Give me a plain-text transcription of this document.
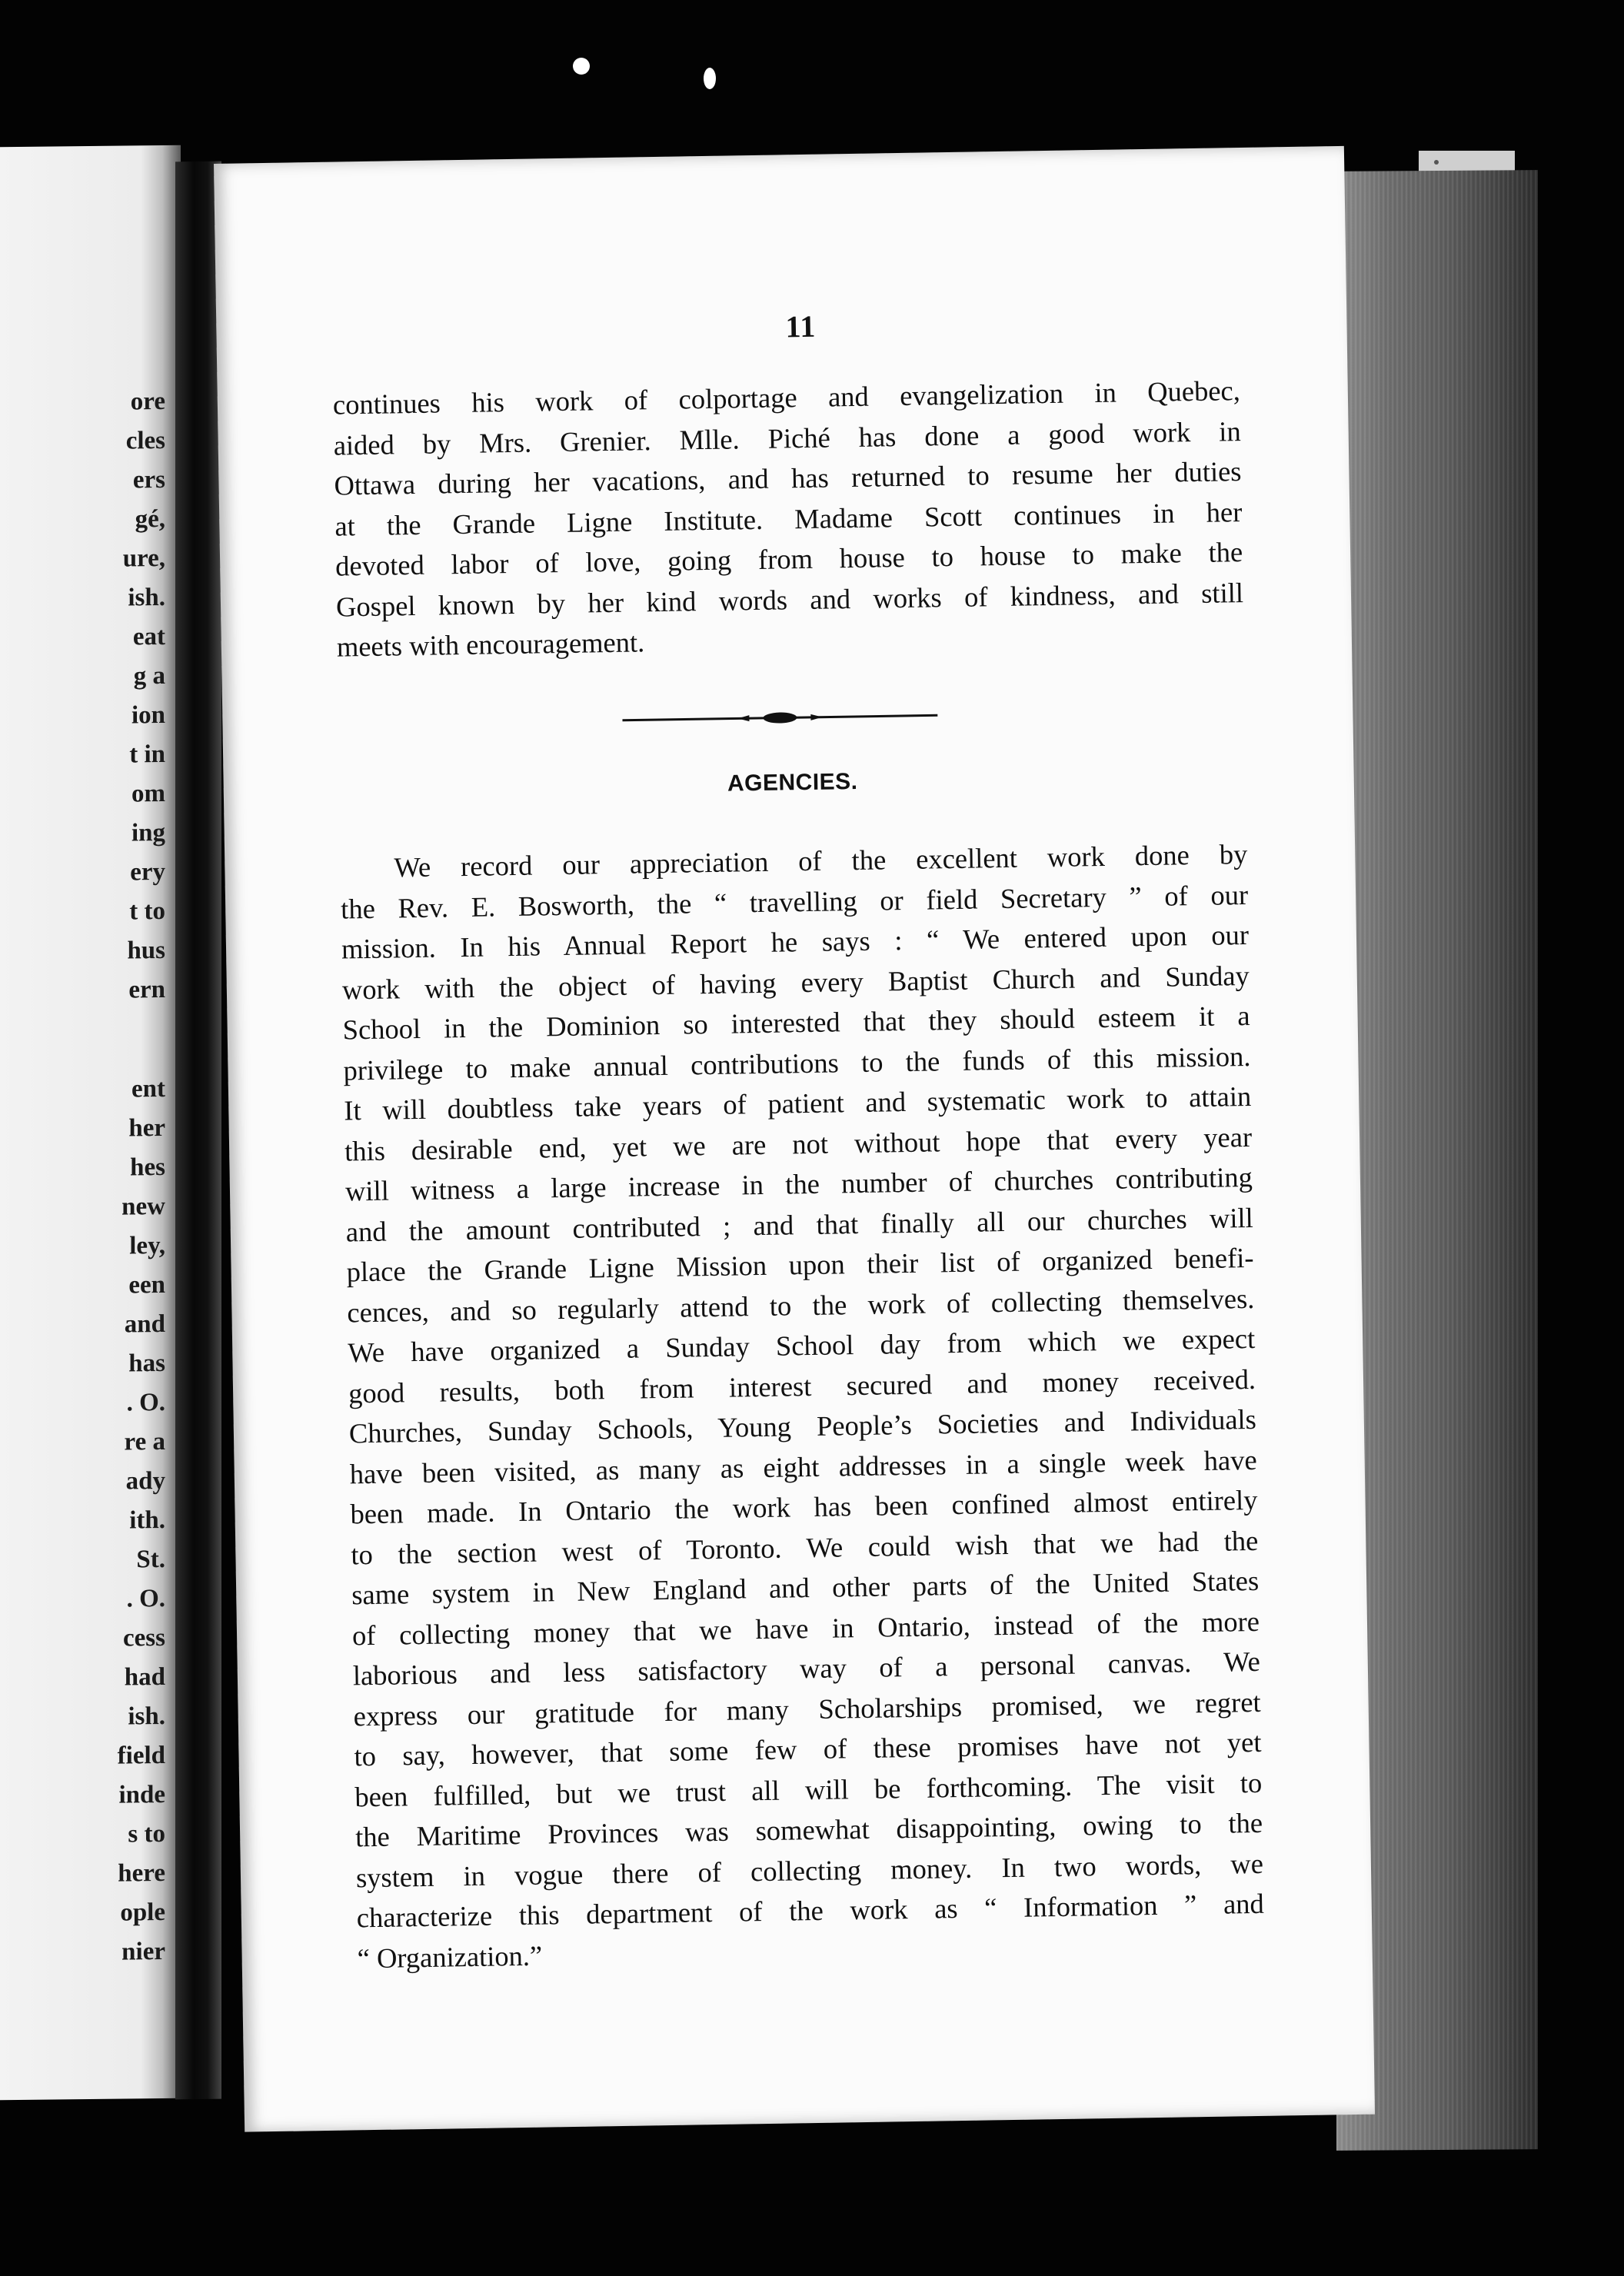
ore
cles
ers
gé,
ure,
ish.
eat
g a
ion
t in
om
ing
ery
t to
hus
ern
ent
her
hes
new
ley,
een
and
has
. O.
re a
ady
ith.
St.
. O.
cess
had
ish.
field
inde
s to
here
ople
nier
11
continues his work of colportage and evangelization in Quebec,
aided by Mrs. Grenier. Mlle. Piché has done a good work in
Ottawa during her vacations, and has returned to resume her duties
at the Grande Ligne Institute. Madame Scott continues in her
devoted labor of love, going from house to house to make the
Gospel known by her kind words and works of kindness, and still
meets with encouragement.
AGENCIES.
We record our appreciation of the excellent work done by
the Rev. E. Bosworth, the “ travelling or field Secretary ” of our
mission. In his Annual Report he says : “ We entered upon our
work with the object of having every Baptist Church and Sunday
School in the Dominion so interested that they should esteem it a
privilege to make annual contributions to the funds of this mission.
It will doubtless take years of patient and systematic work to attain
this desirable end, yet we are not without hope that every year
will witness a large increase in the number of churches contributing
and the amount contributed ; and that finally all our churches will
place the Grande Ligne Mission upon their list of organized benefi-
cences, and so regularly attend to the work of collecting themselves.
We have organized a Sunday School day from which we expect
good results, both from interest secured and money received.
Churches, Sunday Schools, Young People’s Societies and Individuals
have been visited, as many as eight addresses in a single week have
been made. In Ontario the work has been confined almost entirely
to the section west of Toronto. We could wish that we had the
same system in New England and other parts of the United States
of collecting money that we have in Ontario, instead of the more
laborious and less satisfactory way of a personal canvas. We
express our gratitude for many Scholarships promised, we regret
to say, however, that some few of these promises have not yet
been fulfilled, but we trust all will be forthcoming. The visit to
the Maritime Provinces was somewhat disappointing, owing to the
system in vogue there of collecting money. In two words, we
characterize this department of the work as “ Information ” and
“ Organization.”
